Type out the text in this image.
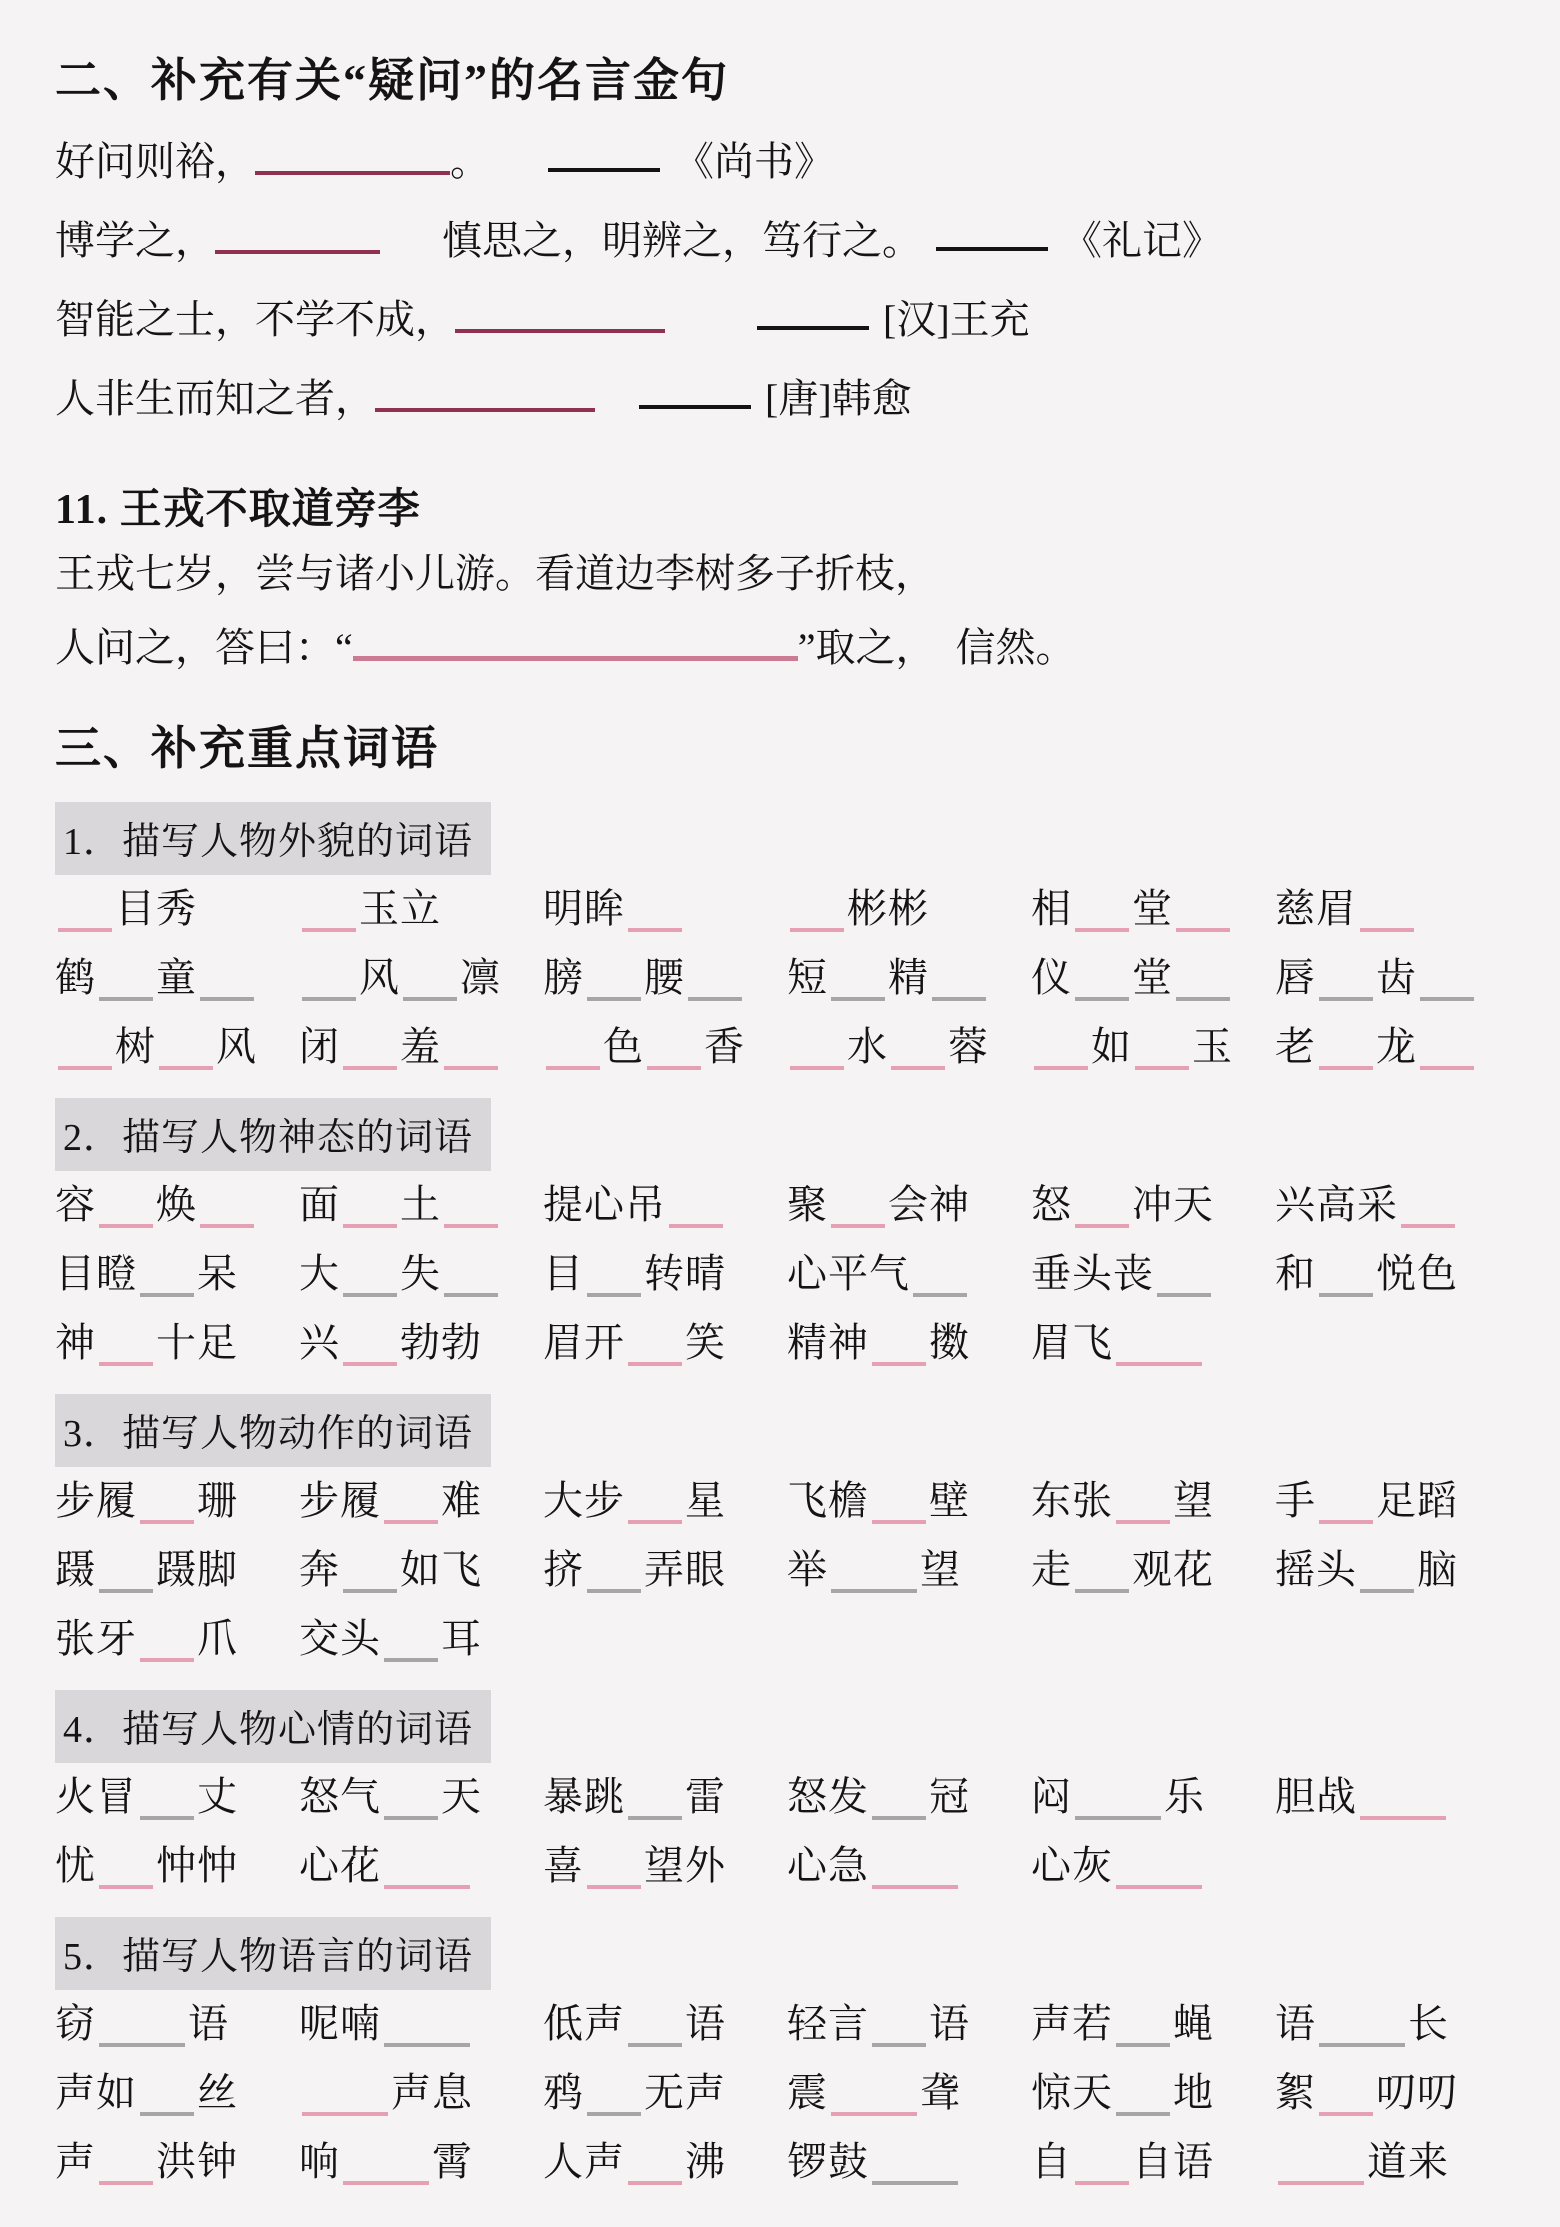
二、补充有关“疑问”的名言金句
好问则裕，	。	《尚书》
博学之，	慎思之，明辨之，笃行之。	《礼记》
智能之士，不学不成，	[汉]王充
人非生而知之者，	[唐]韩愈
11. 王戎不取道旁李
王戎七岁，尝与诸小儿游。看道边李树多子折枝，
人问之，答曰：“	”取之，　信然。
三、补充重点词语
1．描写人物外貌的词语
目秀	玉立	明眸	彬彬	相 堂	慈眉
鹤 童	风 凛	膀 腰	短 精	仪 堂	唇 齿
树 风	闭 羞	色 香	水 蓉	如 玉	老 龙
2．描写人物神态的词语
容 焕	面 土	提心吊	聚 会神	怒 冲天	兴高采
目瞪 呆	大 失	目 转晴	心平气	垂头丧	和 悦色
神 十足	兴 勃勃	眉开 笑	精神 擞	眉飞
3．描写人物动作的词语
步履 珊	步履 难	大步 星	飞檐 壁	东张 望	手 足蹈
蹑 蹑脚	奔 如飞	挤 弄眼	举 望	走 观花	摇头 脑
张牙 爪	交头 耳
4．描写人物心情的词语
火冒 丈	怒气 天	暴跳 雷	怒发 冠	闷 乐	胆战
忧 忡忡	心花	喜 望外	心急	心灰
5．描写人物语言的词语
窃 语	呢喃	低声 语	轻言 语	声若 蝇	语 长
声如 丝	声息	鸦 无声	震 聋	惊天 地	絮 叨叨
声 洪钟	响 霄	人声 沸	锣鼓	自 自语	道来
